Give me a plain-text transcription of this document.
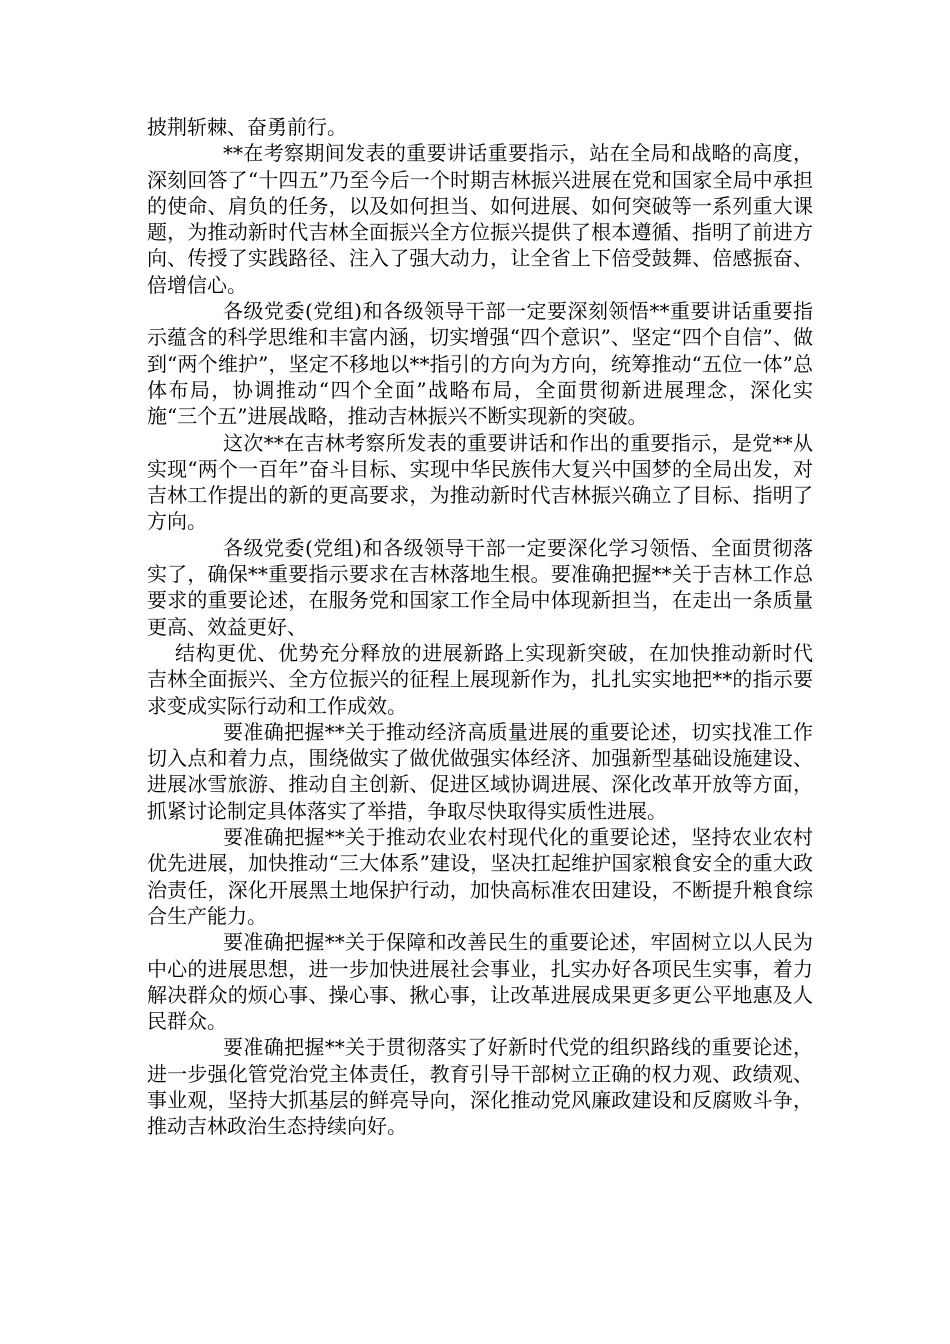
披荆斩棘、奋勇前行。

**在考察期间发表的重要讲话重要指示，站在全局和战略的高度，深刻回答了“十四五”乃至今后一个时期吉林振兴进展在党和国家全局中承担的使命、肩负的任务，以及如何担当、如何进展、如何突破等一系列重大课题，为推动新时代吉林全面振兴全方位振兴提供了根本遵循、指明了前进方向、传授了实践路径、注入了强大动力，让全省上下倍受鼓舞、倍感振奋、倍增信心。

各级党委(党组)和各级领导干部一定要深刻领悟**重要讲话重要指示蕴含的科学思维和丰富内涵，切实增强“四个意识”、坚定“四个自信”、做到“两个维护”，坚定不移地以**指引的方向为方向，统筹推动“五位一体”总体布局，协调推动“四个全面”战略布局，全面贯彻新进展理念，深化实施“三个五”进展战略，推动吉林振兴不断实现新的突破。

这次**在吉林考察所发表的重要讲话和作出的重要指示，是党**从实现“两个一百年”奋斗目标、实现中华民族伟大复兴中国梦的全局出发，对吉林工作提出的新的更高要求，为推动新时代吉林振兴确立了目标、指明了方向。

各级党委(党组)和各级领导干部一定要深化学习领悟、全面贯彻落实了，确保**重要指示要求在吉林落地生根。要准确把握**关于吉林工作总要求的重要论述，在服务党和国家工作全局中体现新担当，在走出一条质量更高、效益更好、

结构更优、优势充分释放的进展新路上实现新突破，在加快推动新时代吉林全面振兴、全方位振兴的征程上展现新作为，扎扎实实地把**的指示要求变成实际行动和工作成效。

要准确把握**关于推动经济高质量进展的重要论述，切实找准工作切入点和着力点，围绕做实了做优做强实体经济、加强新型基础设施建设、进展冰雪旅游、推动自主创新、促进区域协调进展、深化改革开放等方面，抓紧讨论制定具体落实了举措，争取尽快取得实质性进展。

要准确把握**关于推动农业农村现代化的重要论述，坚持农业农村优先进展，加快推动“三大体系”建设，坚决扛起维护国家粮食安全的重大政治责任，深化开展黑土地保护行动，加快高标准农田建设，不断提升粮食综合生产能力。

要准确把握**关于保障和改善民生的重要论述，牢固树立以人民为中心的进展思想，进一步加快进展社会事业，扎实办好各项民生实事，着力解决群众的烦心事、操心事、揪心事，让改革进展成果更多更公平地惠及人民群众。

要准确把握**关于贯彻落实了好新时代党的组织路线的重要论述，进一步强化管党治党主体责任，教育引导干部树立正确的权力观、政绩观、事业观，坚持大抓基层的鲜亮导向，深化推动党风廉政建设和反腐败斗争，推动吉林政治生态持续向好。
